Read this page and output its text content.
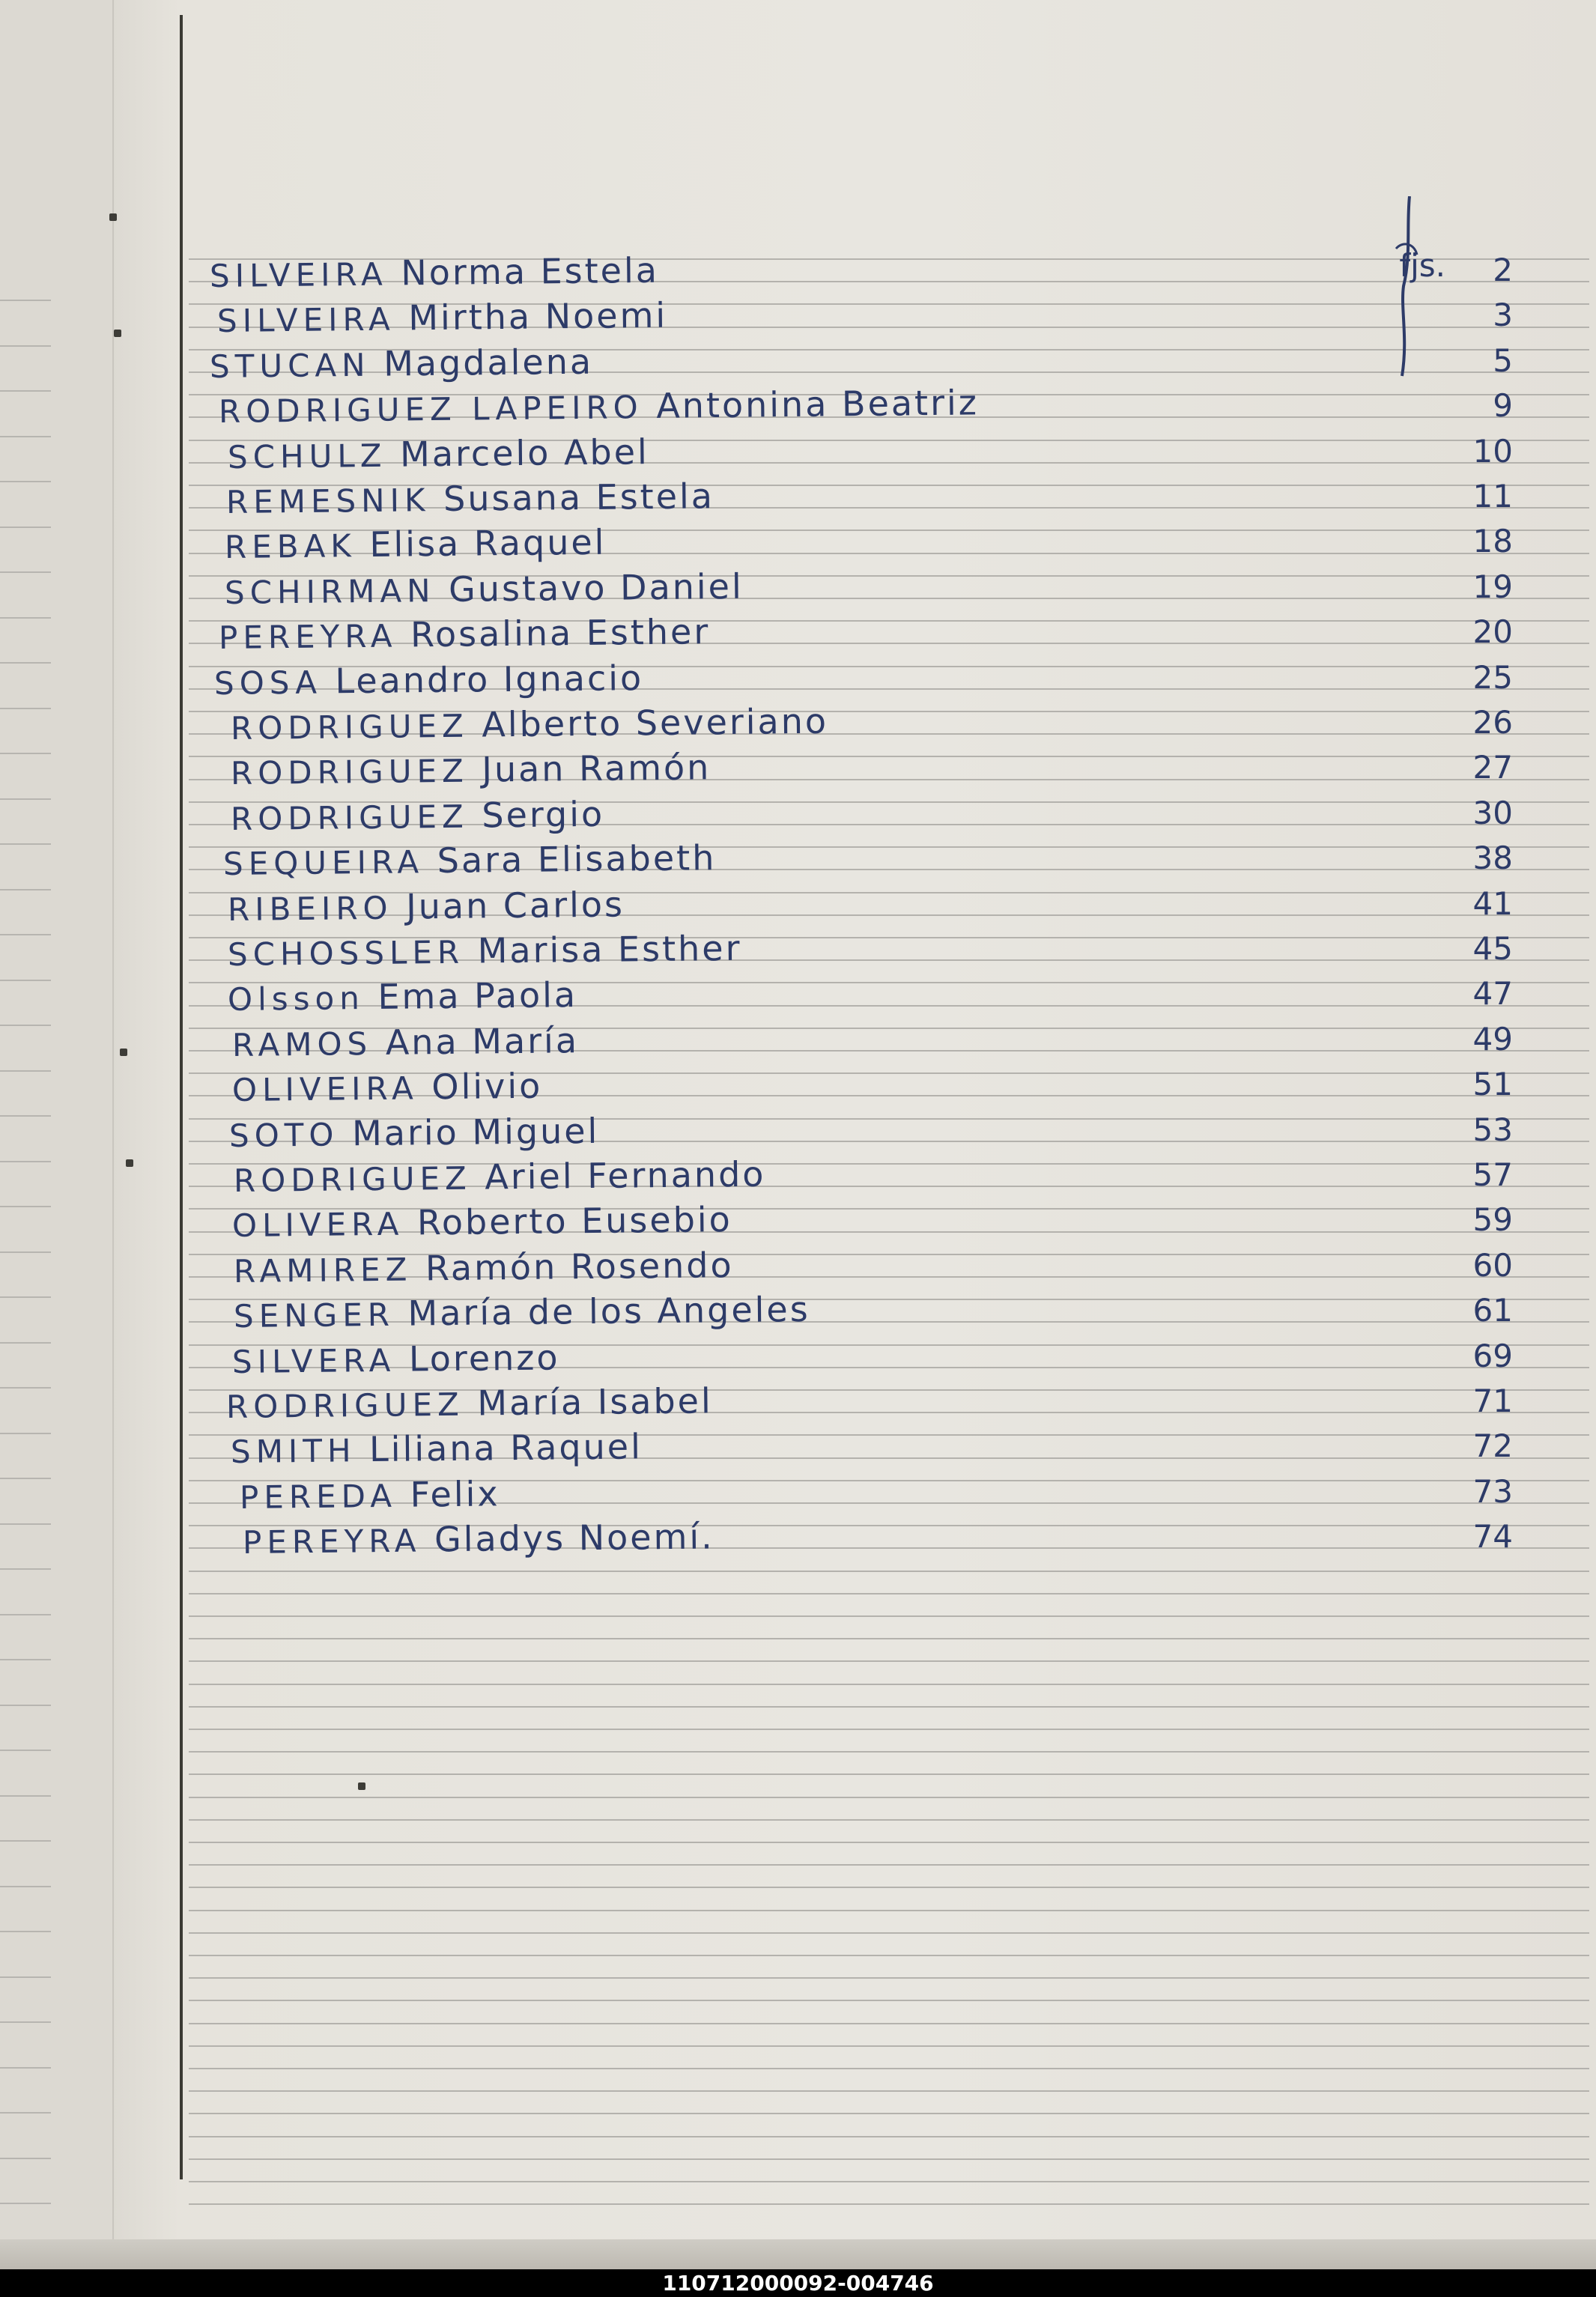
fjs.
SILVEIRA Norma Estela	2
SILVEIRA Mirtha Noemi	3
STUCAN Magdalena	5
RODRIGUEZ LAPEIRO Antonina Beatriz	9
SCHULZ Marcelo Abel	10
REMESNIK Susana Estela	11
REBAK Elisa Raquel	18
SCHIRMAN Gustavo Daniel	19
PEREYRA Rosalina Esther	20
SOSA Leandro Ignacio	25
RODRIGUEZ Alberto Severiano	26
RODRIGUEZ Juan Ramón	27
RODRIGUEZ Sergio	30
SEQUEIRA Sara Elisabeth	38
RIBEIRO Juan Carlos	41
SCHOSSLER Marisa Esther	45
Olsson Ema Paola	47
RAMOS Ana María	49
OLIVEIRA Olivio	51
SOTO Mario Miguel	53
RODRIGUEZ Ariel Fernando	57
OLIVERA Roberto Eusebio	59
RAMIREZ Ramón Rosendo	60
SENGER María de los Angeles	61
SILVERA Lorenzo	69
RODRIGUEZ María Isabel	71
SMITH Liliana Raquel	72
PEREDA Felix	73
PEREYRA Gladys Noemí.	74
110712000092-004746
